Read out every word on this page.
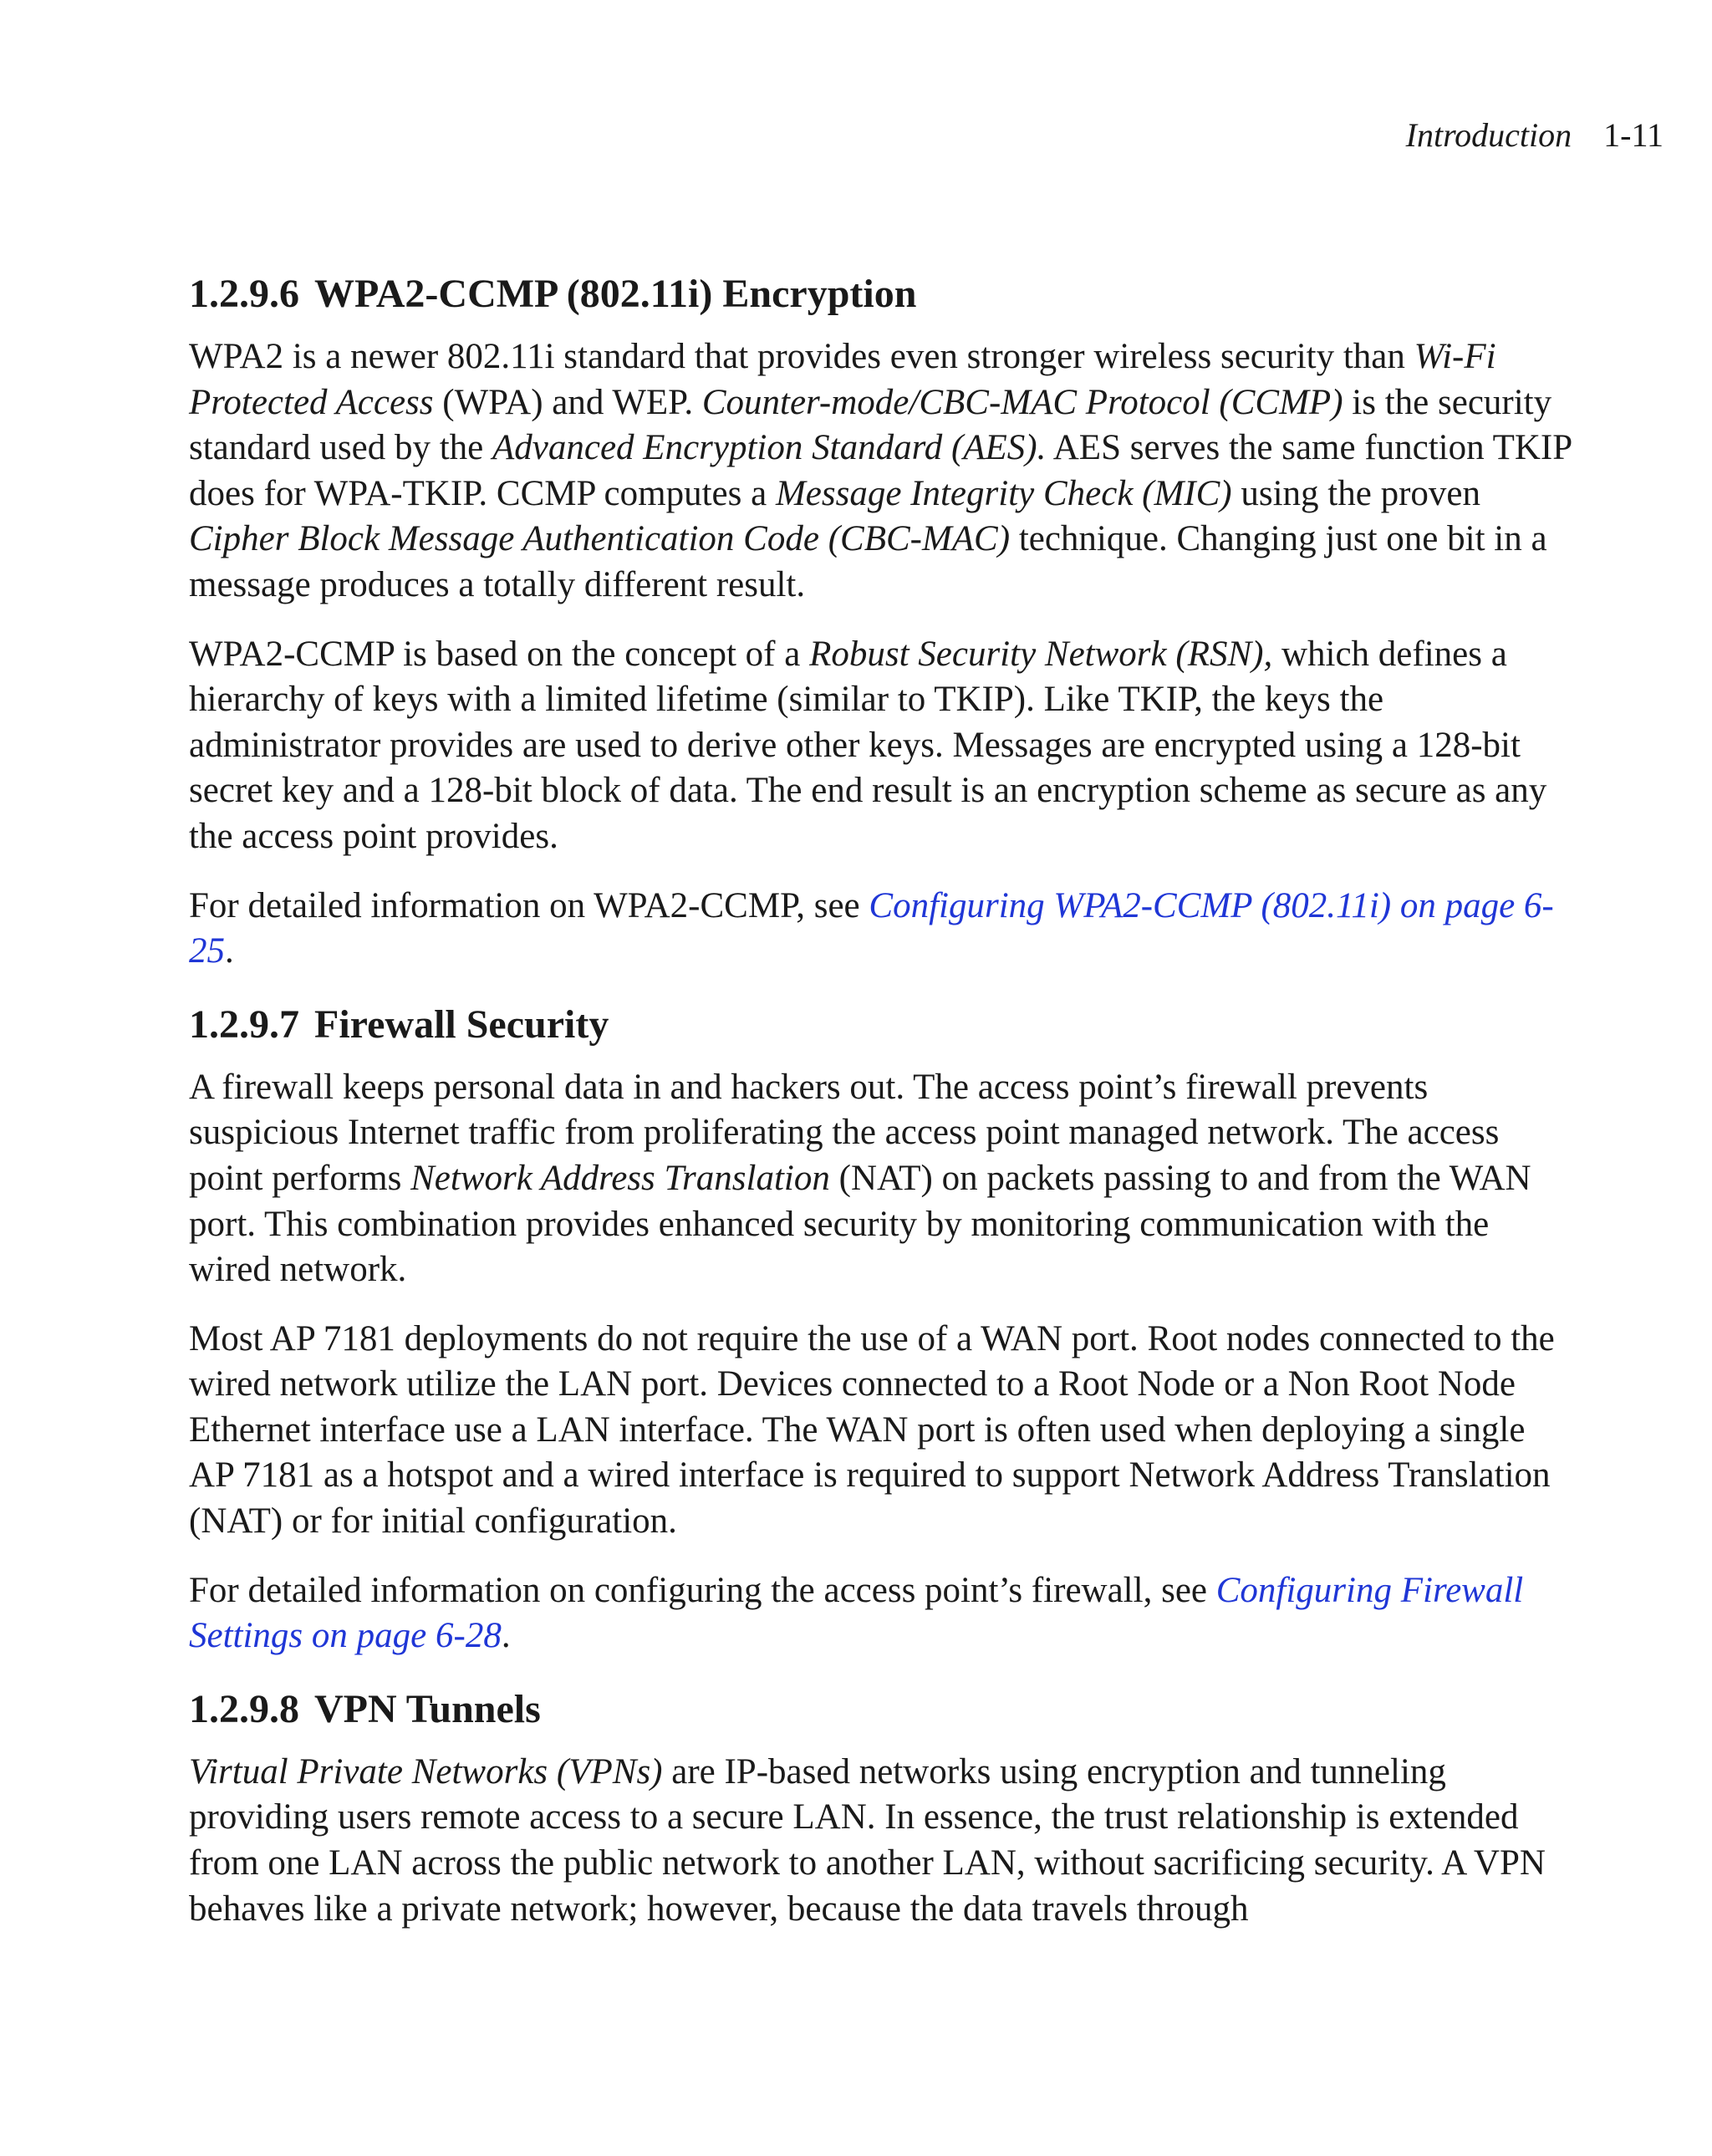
Introduction 1-11
1.2.9.6 WPA2-CCMP (802.11i) Encryption

WPA2 is a newer 802.11i standard that provides even stronger wireless security than Wi-Fi Protected Access (WPA) and WEP. Counter-mode/CBC-MAC Protocol (CCMP) is the security standard used by the Advanced Encryption Standard (AES). AES serves the same function TKIP does for WPA-TKIP. CCMP computes a Message Integrity Check (MIC) using the proven Cipher Block Message Authentication Code (CBC-MAC) technique. Changing just one bit in a message produces a totally different result.

WPA2-CCMP is based on the concept of a Robust Security Network (RSN), which defines a hierarchy of keys with a limited lifetime (similar to TKIP). Like TKIP, the keys the administrator provides are used to derive other keys. Messages are encrypted using a 128-bit secret key and a 128-bit block of data. The end result is an encryption scheme as secure as any the access point provides.

For detailed information on WPA2-CCMP, see Configuring WPA2-CCMP (802.11i) on page 6-25.

1.2.9.7 Firewall Security

A firewall keeps personal data in and hackers out. The access point’s firewall prevents suspicious Internet traffic from proliferating the access point managed network. The access point performs Network Address Translation (NAT) on packets passing to and from the WAN port. This combination provides enhanced security by monitoring communication with the wired network.

Most AP 7181 deployments do not require the use of a WAN port. Root nodes connected to the wired network utilize the LAN port. Devices connected to a Root Node or a Non Root Node Ethernet interface use a LAN interface. The WAN port is often used when deploying a single AP 7181 as a hotspot and a wired interface is required to support Network Address Translation (NAT) or for initial configuration.

For detailed information on configuring the access point’s firewall, see Configuring Firewall Settings on page 6-28.

1.2.9.8 VPN Tunnels

Virtual Private Networks (VPNs) are IP-based networks using encryption and tunneling providing users remote access to a secure LAN. In essence, the trust relationship is extended from one LAN across the public network to another LAN, without sacrificing security. A VPN behaves like a private network; however, because the data travels through
